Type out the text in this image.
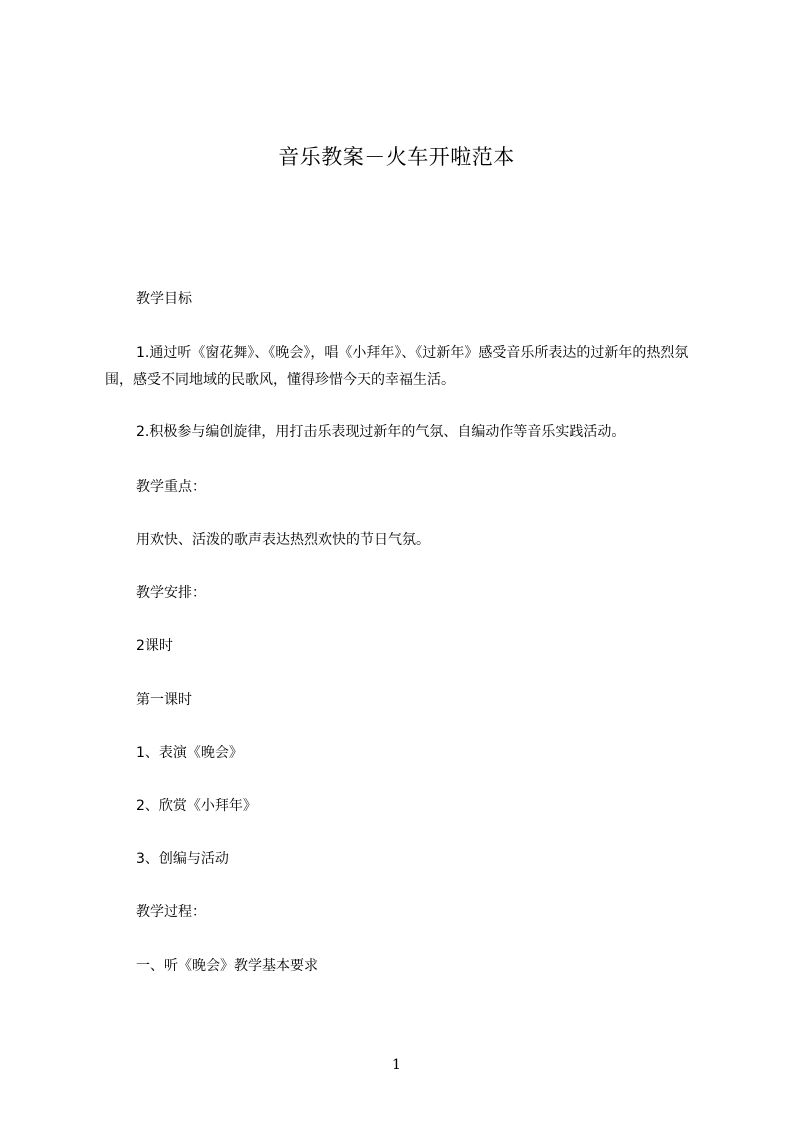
音乐教案－火车开啦范本

教学目标

1.通过听《窗花舞》、《晚会》，唱《小拜年》、《过新年》感受音乐所表达的过新年的热烈氛围，感受不同地域的民歌风，懂得珍惜今天的幸福生活。

2.积极参与编创旋律，用打击乐表现过新年的气氛、自编动作等音乐实践活动。

教学重点：

用欢快、活泼的歌声表达热烈欢快的节日气氛。

教学安排：

2课时

第一课时

1、表演《晚会》

2、欣赏《小拜年》

3、创编与活动

教学过程：

一、听《晚会》教学基本要求

1
